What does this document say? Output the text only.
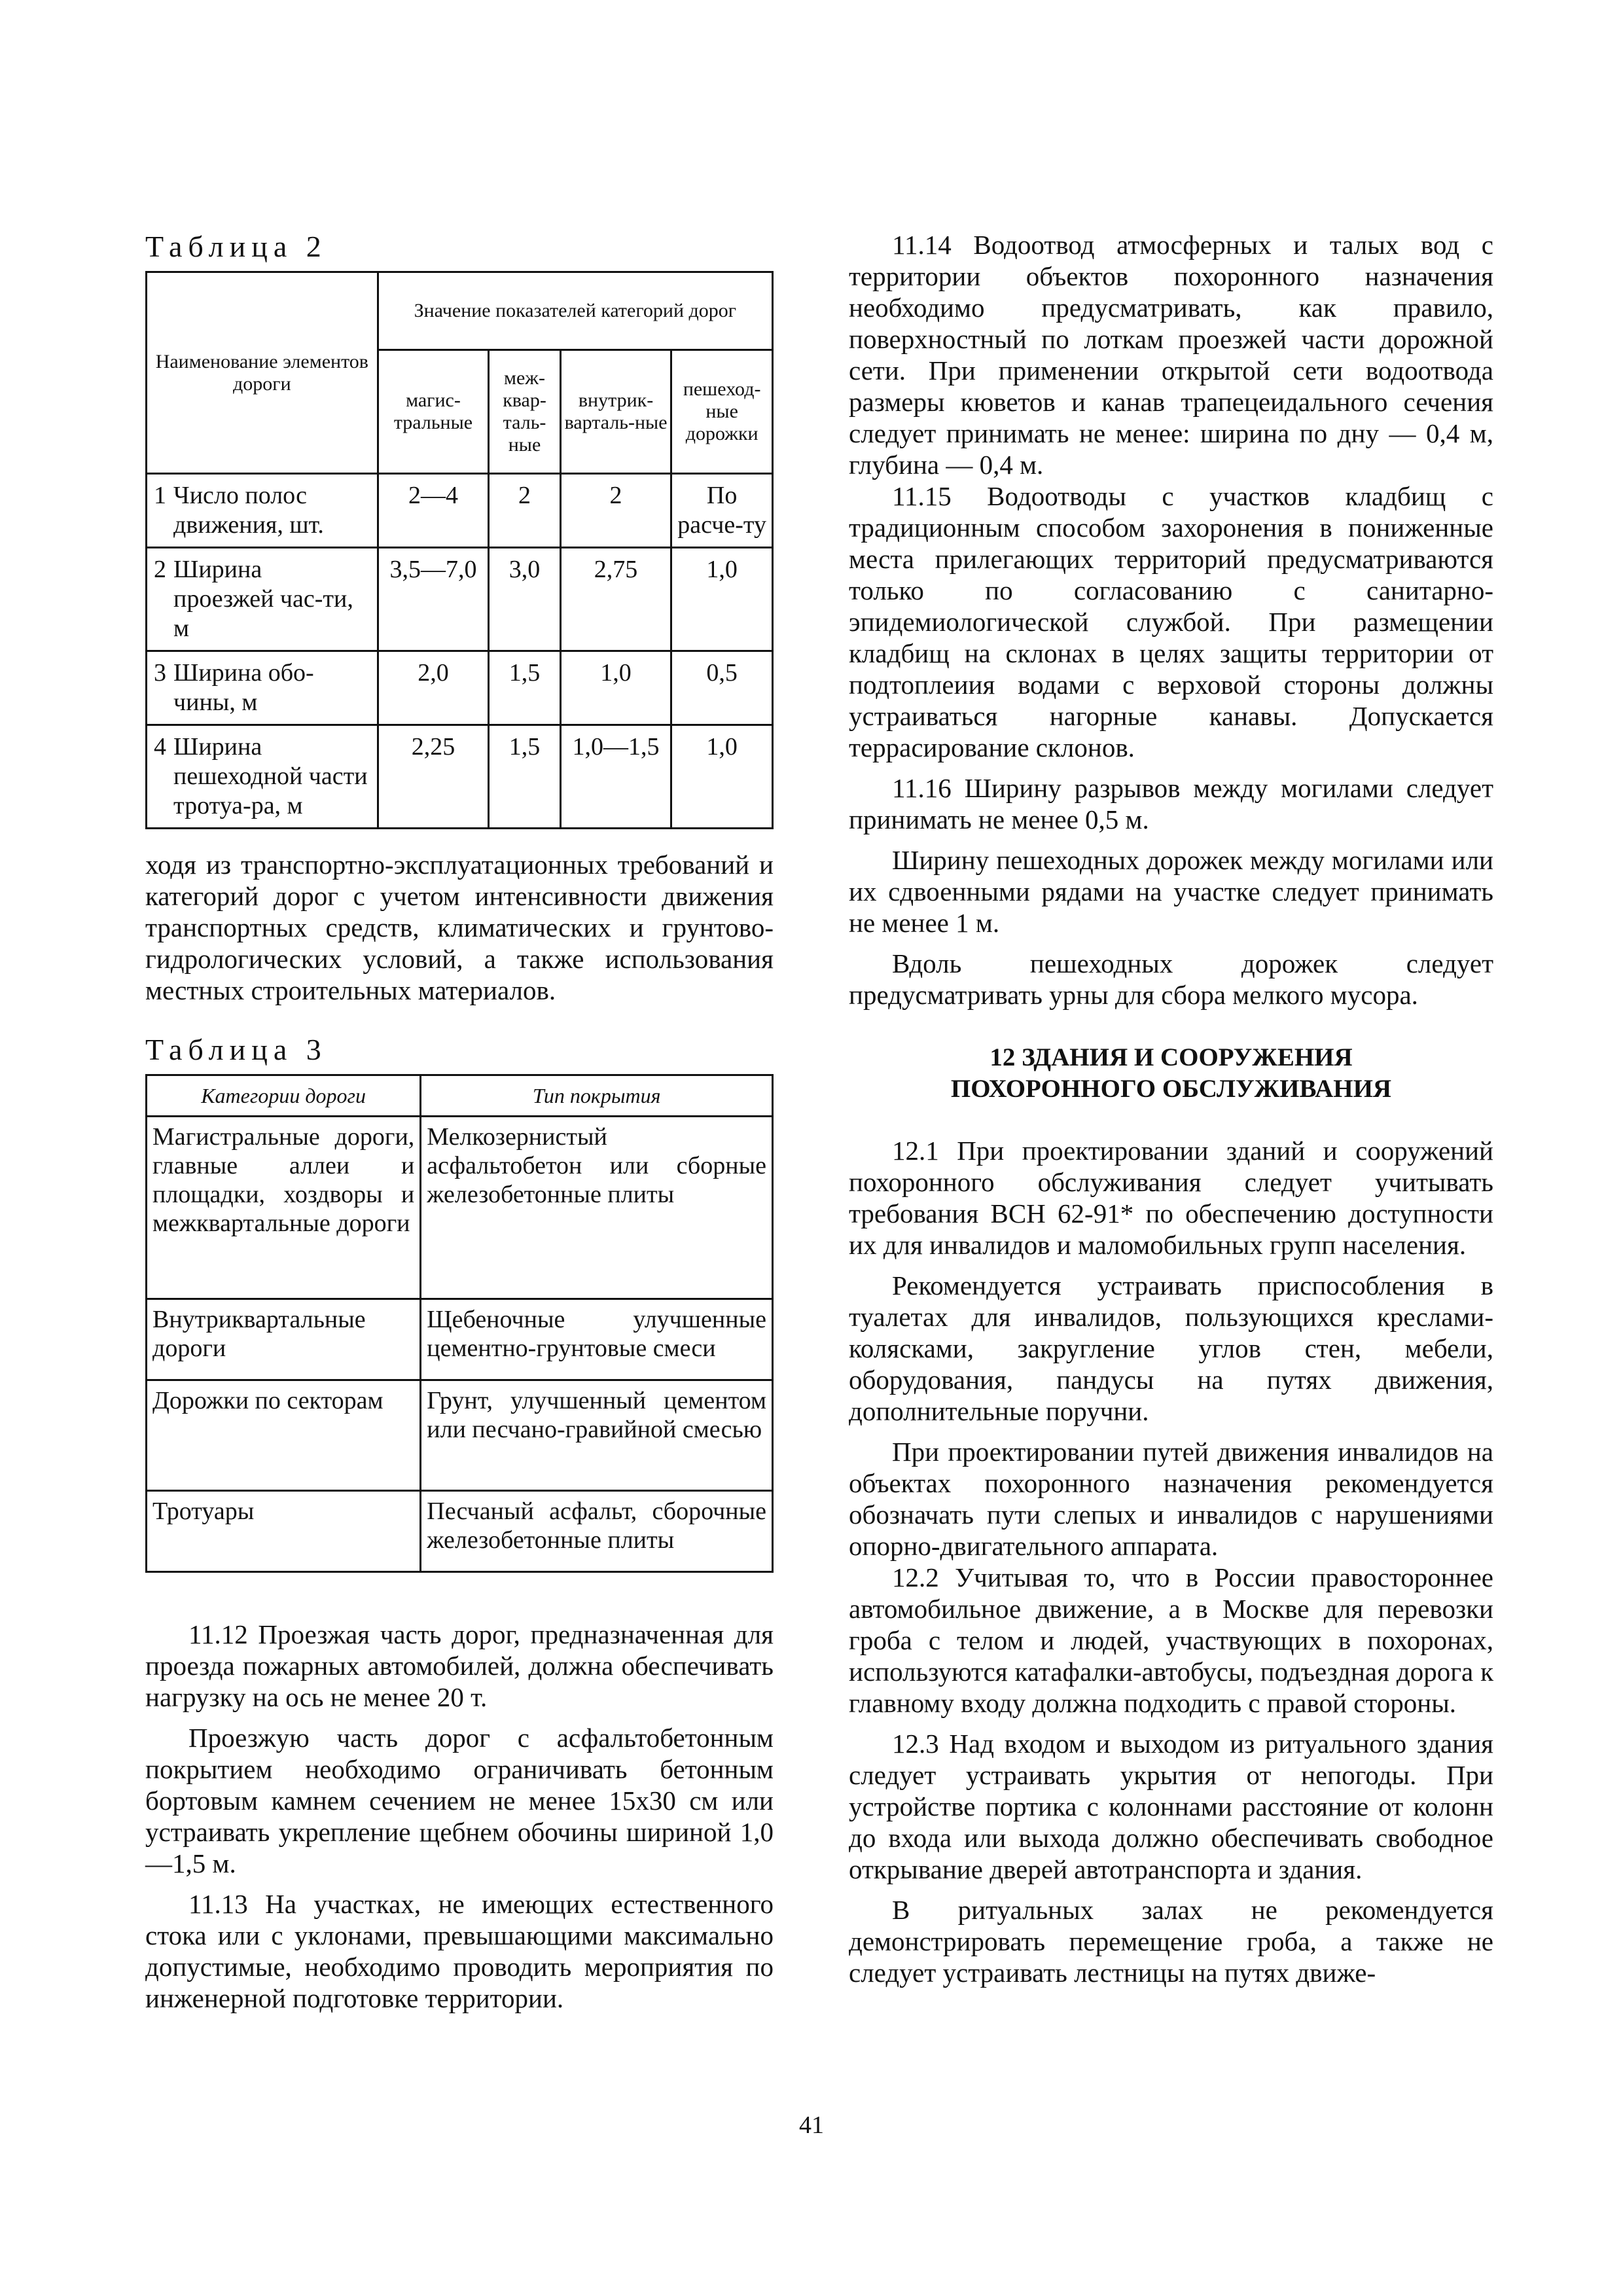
Таблица 2
Наименование элементов дороги	Значение показателей категорий дорог			
	магис-тральные	меж-квар-таль-ные	внутрик-варталь-ные	пешеход-ные дорожки
1 Число полос
движения, шт.	2—4	2	2	По расче-ту
2 Ширина
проезжей час-ти, м	3,5—7,0	3,0	2,75	1,0
3 Ширина обо-
чины, м	2,0	1,5	1,0	0,5
4 Ширина
пешеходной части тротуа-ра, м	2,25	1,5	1,0—1,5	1,0

ходя из транспортно-эксплуатационных требований и категорий дорог с учетом интенсивности движения транспортных средств, климатических и грунтово-гидрологических условий, а также использования местных строительных материалов.

Таблица 3
Категории дороги	Тип покрытия
Магистральные дороги, главные аллеи и площадки, хоздворы и межквартальные дороги	Мелкозернистый асфальтобетон или сборные железобетонные плиты
Внутриквартальные дороги	Щебеночные улучшенные цементно-грунтовые смеси
Дорожки по секторам	Грунт, улучшенный цементом или песчано-гравийной смесью
Тротуары	Песчаный асфальт, сборочные железобетонные плиты

11.12 Проезжая часть дорог, предназначенная для проезда пожарных автомобилей, должна обеспечивать нагрузку на ось не менее 20 т.

Проезжую часть дорог с асфальтобетонным покрытием необходимо ограничивать бетонным бортовым камнем сечением не менее 15x30 см или устраивать укрепление щебнем обочины шириной 1,0—1,5 м.

11.13 На участках, не имеющих естественного стока или с уклонами, превышающими максимально допустимые, необходимо проводить мероприятия по инженерной подготовке территории.

11.14 Водоотвод атмосферных и талых вод с территории объектов похоронного назначения необходимо предусматривать, как правило, поверхностный по лоткам проезжей части дорожной сети. При применении открытой сети водоотвода размеры кюветов и канав трапецеидального сечения следует принимать не менее: ширина по дну — 0,4 м, глубина — 0,4 м.

11.15 Водоотводы с участков кладбищ с традиционным способом захоронения в пониженные места прилегающих территорий предусматриваются только по согласованию с санитарно-эпидемиологической службой. При размещении кладбищ на склонах в целях защиты территории от подтоплеиия водами с верховой стороны должны устраиваться нагорные канавы. Допускается террасирование склонов.

11.16 Ширину разрывов между могилами следует принимать не менее 0,5 м.

Ширину пешеходных дорожек между могилами или их сдвоенными рядами на участке следует принимать не менее 1 м.

Вдоль пешеходных дорожек следует предусматривать урны для сбора мелкого мусора.

12 ЗДАНИЯ И СООРУЖЕНИЯ
ПОХОРОННОГО ОБСЛУЖИВАНИЯ

12.1 При проектировании зданий и сооружений похоронного обслуживания следует учитывать требования ВСН 62-91* по обеспечению доступности их для инвалидов и маломобильных групп населения.

Рекомендуется устраивать приспособления в туалетах для инвалидов, пользующихся креслами-колясками, закругление углов стен, мебели, оборудования, пандусы на путях движения, дополнительные поручни.

При проектировании путей движения инвалидов на объектах похоронного назначения рекомендуется обозначать пути слепых и инвалидов с нарушениями опорно-двигательного аппарата.

12.2 Учитывая то, что в России правостороннее автомобильное движение, а в Москве для перевозки гроба с телом и людей, участвующих в похоронах, используются катафалки-автобусы, подъездная дорога к главному входу должна подходить с правой стороны.

12.3 Над входом и выходом из ритуального здания следует устраивать укрытия от непогоды. При устройстве портика с колоннами расстояние от колонн до входа или выхода должно обеспечивать свободное открывание дверей автотранспорта и здания.

В ритуальных залах не рекомендуется демонстрировать перемещение гроба, а также не следует устраивать лестницы на путях движе-

41
